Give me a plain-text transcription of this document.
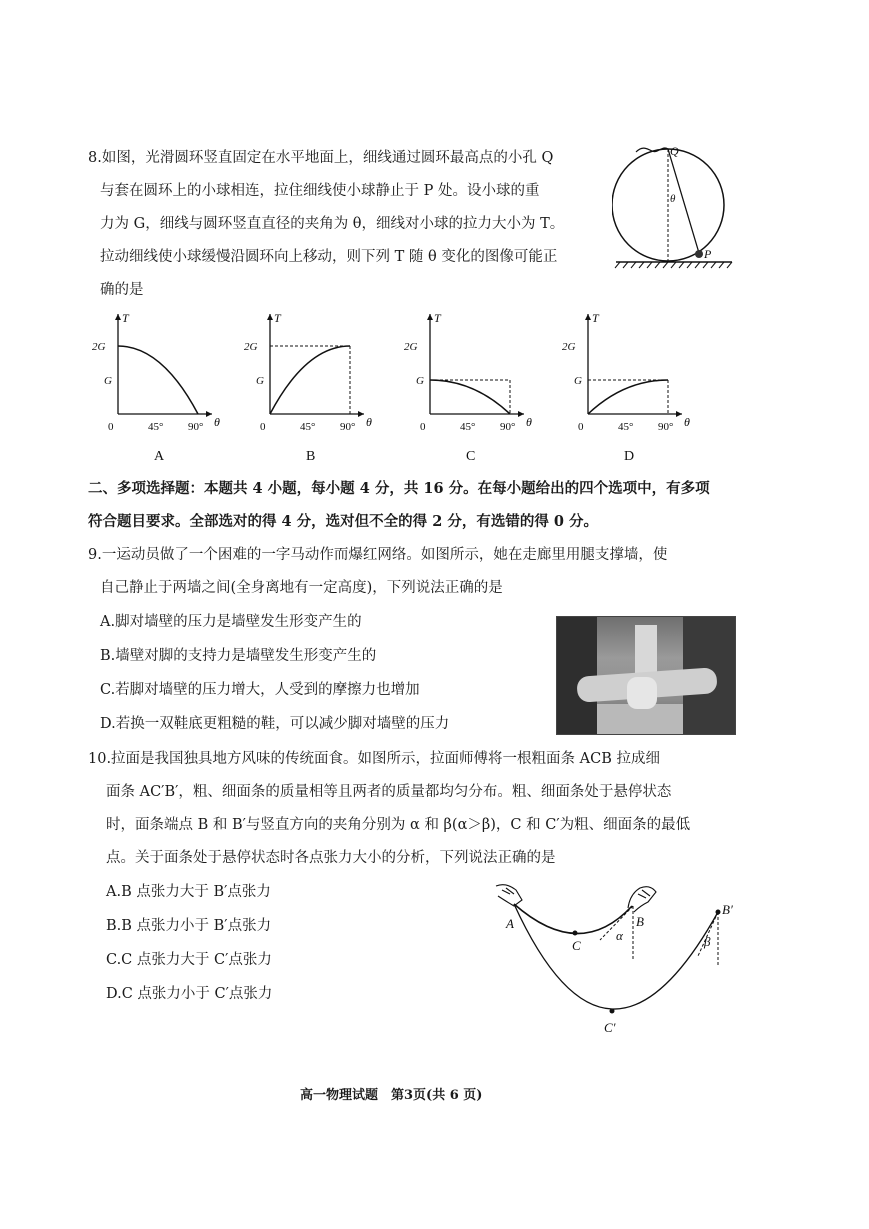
8.如图，光滑圆环竖直固定在水平地面上，细线通过圆环最高点的小孔 Q
与套在圆环上的小球相连，拉住细线使小球静止于 P 处。设小球的重
力为 G，细线与圆环竖直直径的夹角为 θ，细线对小球的拉力大小为 T。
拉动细线使小球缓慢沿圆环向上移动，则下列 T 随 θ 变化的图像可能正
确的是
Q
θ
P
T
θ
0
2G
G
45° 90°
A
T
θ
0
2G
G
45° 90°
B
T
θ
0
2G
G
45° 90°
C
T
θ
0
2G
G
45° 90°
D
二、多项选择题：本题共 4 小题，每小题 4 分，共 16 分。在每小题给出的四个选项中，有多项
符合题目要求。全部选对的得 4 分，选对但不全的得 2 分，有选错的得 0 分。
9.一运动员做了一个困难的一字马动作而爆红网络。如图所示，她在走廊里用腿支撑墙，使
自己静止于两墙之间(全身离地有一定高度)，下列说法正确的是
A.脚对墙壁的压力是墙壁发生形变产生的
B.墙壁对脚的支持力是墙壁发生形变产生的
C.若脚对墙壁的压力增大，人受到的摩擦力也增加
D.若换一双鞋底更粗糙的鞋，可以减少脚对墙壁的压力
10.拉面是我国独具地方风味的传统面食。如图所示，拉面师傅将一根粗面条 ACB 拉成细
面条 AC′B′，粗、细面条的质量相等且两者的质量都均匀分布。粗、细面条处于悬停状态
时，面条端点 B 和 B′与竖直方向的夹角分别为 α 和 β(α＞β)，C 和 C′为粗、细面条的最低
点。关于面条处于悬停状态时各点张力大小的分析，下列说法正确的是
A.B 点张力大于 B′点张力
B.B 点张力小于 B′点张力
C.C 点张力大于 C′点张力
D.C 点张力小于 C′点张力
A
C
α
B
B′
β
C′
高一物理试题　第3页(共 6 页)
